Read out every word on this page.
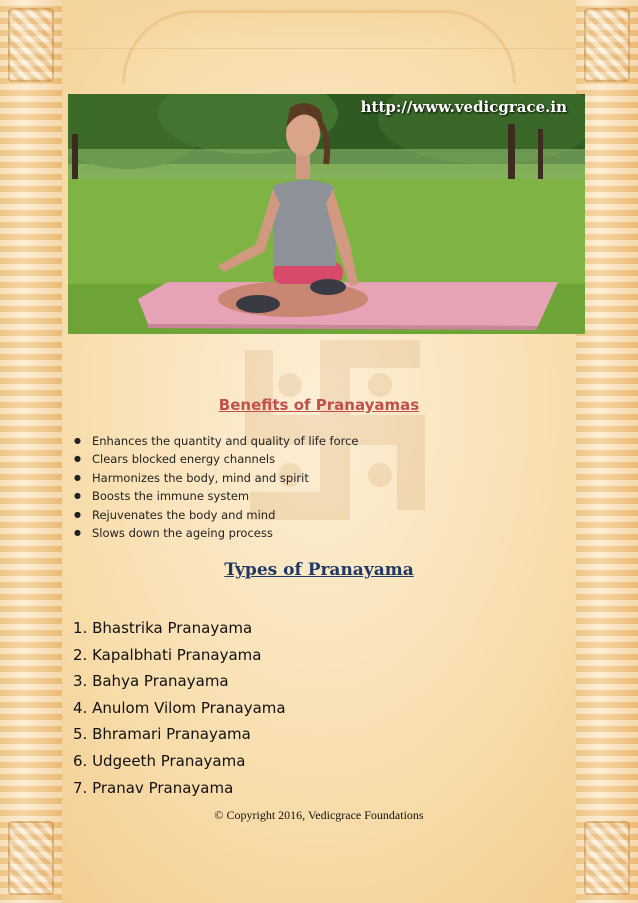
http://www.vedicgrace.in
Benefits of Pranayamas
● Enhances the quantity and quality of life force
● Clears blocked energy channels
● Harmonizes the body, mind and spirit
● Boosts the immune system
● Rejuvenates the body and mind
● Slows down the ageing process
Types of Pranayama
1. Bhastrika Pranayama
2. Kapalbhati Pranayama
3. Bahya Pranayama
4. Anulom Vilom Pranayama
5. Bhramari Pranayama
6. Udgeeth Pranayama
7. Pranav Pranayama
© Copyright 2016, Vedicgrace Foundations
